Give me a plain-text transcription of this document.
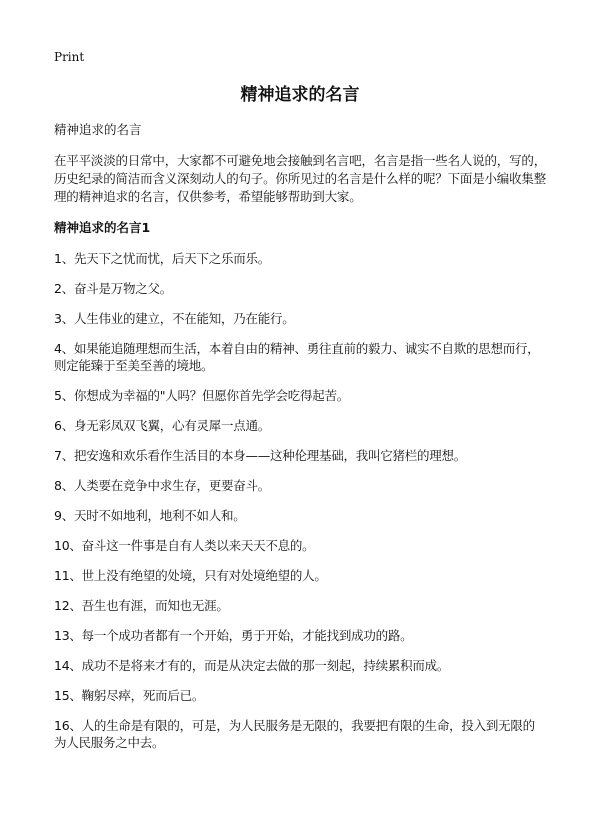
Print
精神追求的名言

精神追求的名言

在平平淡淡的日常中，大家都不可避免地会接触到名言吧，名言是指一些名人说的，写的，历史纪录的简洁而含义深刻动人的句子。你所见过的名言是什么样的呢？下面是小编收集整理的精神追求的名言，仅供参考，希望能够帮助到大家。

精神追求的名言1
1、先天下之忧而忧，后天下之乐而乐。
2、奋斗是万物之父。
3、人生伟业的建立，不在能知，乃在能行。
4、如果能追随理想而生活，本着自由的精神、勇往直前的毅力、诚实不自欺的思想而行，则定能臻于至美至善的境地。
5、你想成为幸福的"人吗？但愿你首先学会吃得起苦。
6、身无彩凤双飞翼，心有灵犀一点通。
7、把安逸和欢乐看作生活目的本身——这种伦理基础，我叫它猪栏的理想。
8、人类要在竞争中求生存，更要奋斗。
9、天时不如地利，地利不如人和。
10、奋斗这一件事是自有人类以来天天不息的。
11、世上没有绝望的处境，只有对处境绝望的人。
12、吾生也有涯，而知也无涯。
13、每一个成功者都有一个开始，勇于开始，才能找到成功的路。
14、成功不是将来才有的，而是从决定去做的那一刻起，持续累积而成。
15、鞠躬尽瘁，死而后已。
16、人的生命是有限的，可是，为人民服务是无限的，我要把有限的生命，投入到无限的为人民服务之中去。
